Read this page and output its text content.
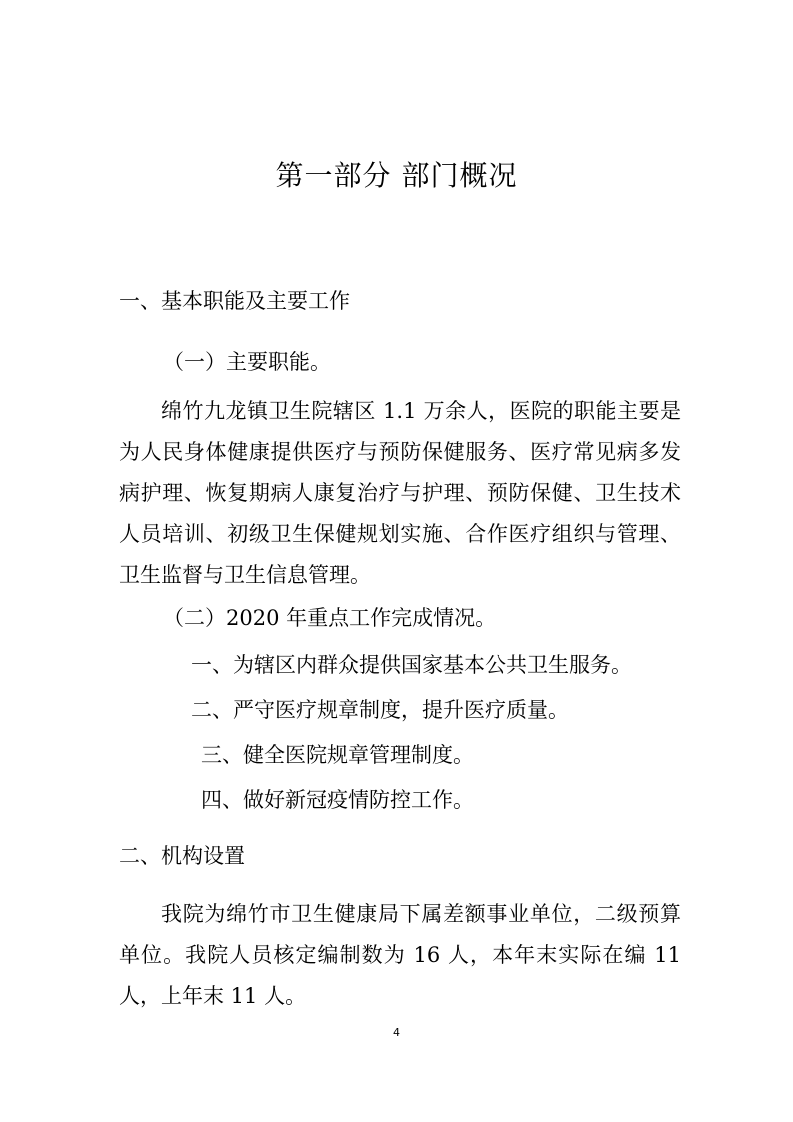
第一部分 部门概况
一、基本职能及主要工作
（一）主要职能。
绵竹九龙镇卫生院辖区 1.1 万余人，医院的职能主要是为人民身体健康提供医疗与预防保健服务、医疗常见病多发病护理、恢复期病人康复治疗与护理、预防保健、卫生技术人员培训、初级卫生保健规划实施、合作医疗组织与管理、卫生监督与卫生信息管理。
（二）2020 年重点工作完成情况。
一、为辖区内群众提供国家基本公共卫生服务。
二、严守医疗规章制度，提升医疗质量。
三、健全医院规章管理制度。
四、做好新冠疫情防控工作。
二、机构设置
我院为绵竹市卫生健康局下属差额事业单位，二级预算单位。我院人员核定编制数为 16 人，本年末实际在编 11 人，上年末 11 人。
4
